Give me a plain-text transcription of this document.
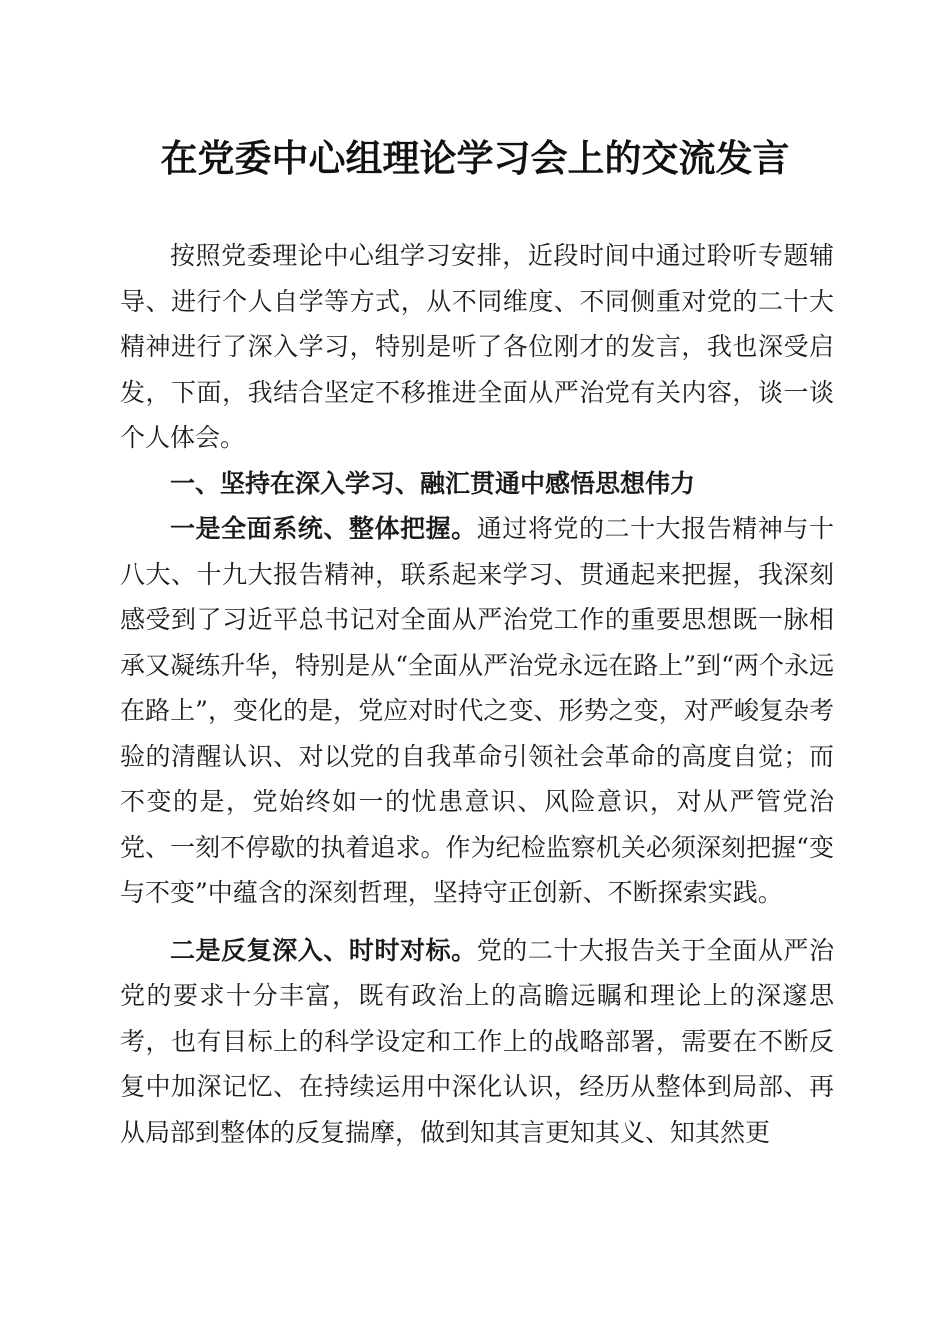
在党委中心组理论学习会上的交流发言

按照党委理论中心组学习安排，近段时间中通过聆听专题辅导、进行个人自学等方式，从不同维度、不同侧重对党的二十大精神进行了深入学习，特别是听了各位刚才的发言，我也深受启发，下面，我结合坚定不移推进全面从严治党有关内容，谈一谈个人体会。

一、坚持在深入学习、融汇贯通中感悟思想伟力

一是全面系统、整体把握。通过将党的二十大报告精神与十八大、十九大报告精神，联系起来学习、贯通起来把握，我深刻感受到了习近平总书记对全面从严治党工作的重要思想既一脉相承又凝练升华，特别是从“全面从严治党永远在路上”到“两个永远在路上”，变化的是，党应对时代之变、形势之变，对严峻复杂考验的清醒认识、对以党的自我革命引领社会革命的高度自觉；而不变的是，党始终如一的忧患意识、风险意识，对从严管党治党、一刻不停歇的执着追求。作为纪检监察机关必须深刻把握“变与不变”中蕴含的深刻哲理，坚持守正创新、不断探索实践。

二是反复深入、时时对标。党的二十大报告关于全面从严治党的要求十分丰富，既有政治上的高瞻远瞩和理论上的深邃思考，也有目标上的科学设定和工作上的战略部署，需要在不断反复中加深记忆、在持续运用中深化认识，经历从整体到局部、再从局部到整体的反复揣摩，做到知其言更知其义、知其然更
